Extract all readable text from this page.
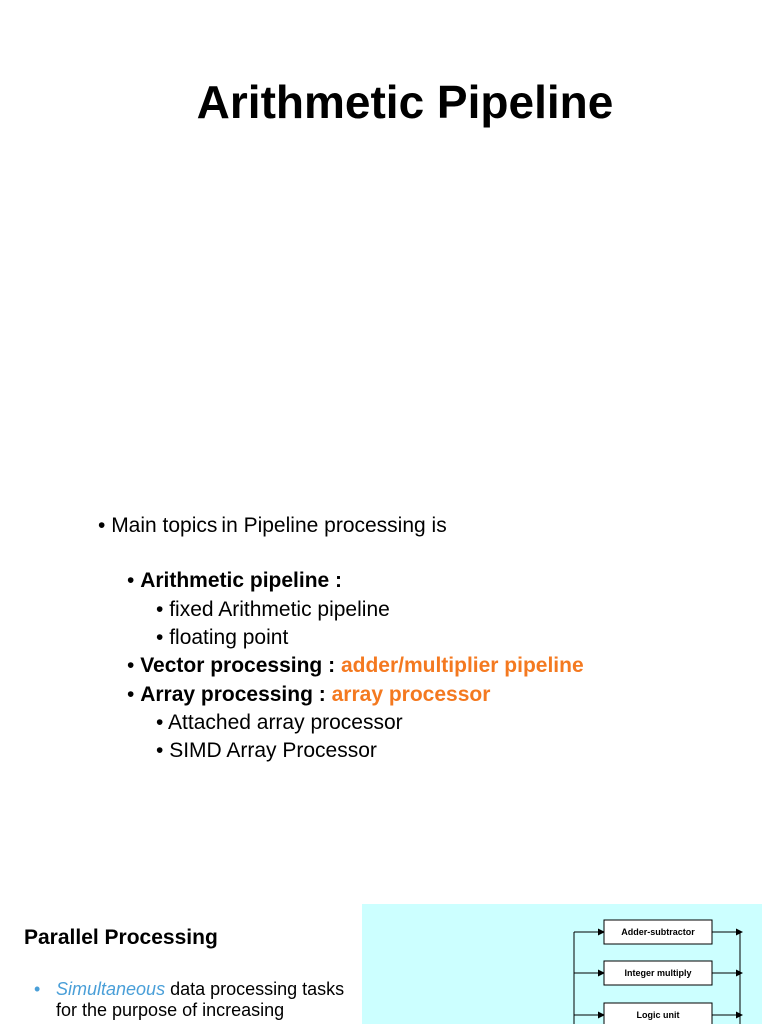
Arithmetic Pipeline
• Main topics in Pipeline processing is
• Arithmetic pipeline :
• fixed Arithmetic pipeline
• floating point
• Vector processing : adder/multiplier pipeline
• Array processing : array processor
• Attached array processor
• SIMD Array Processor
Parallel Processing
• Simultaneous data processing tasks for the purpose of increasing
Adder-subtractor
Integer multiply
Logic unit
